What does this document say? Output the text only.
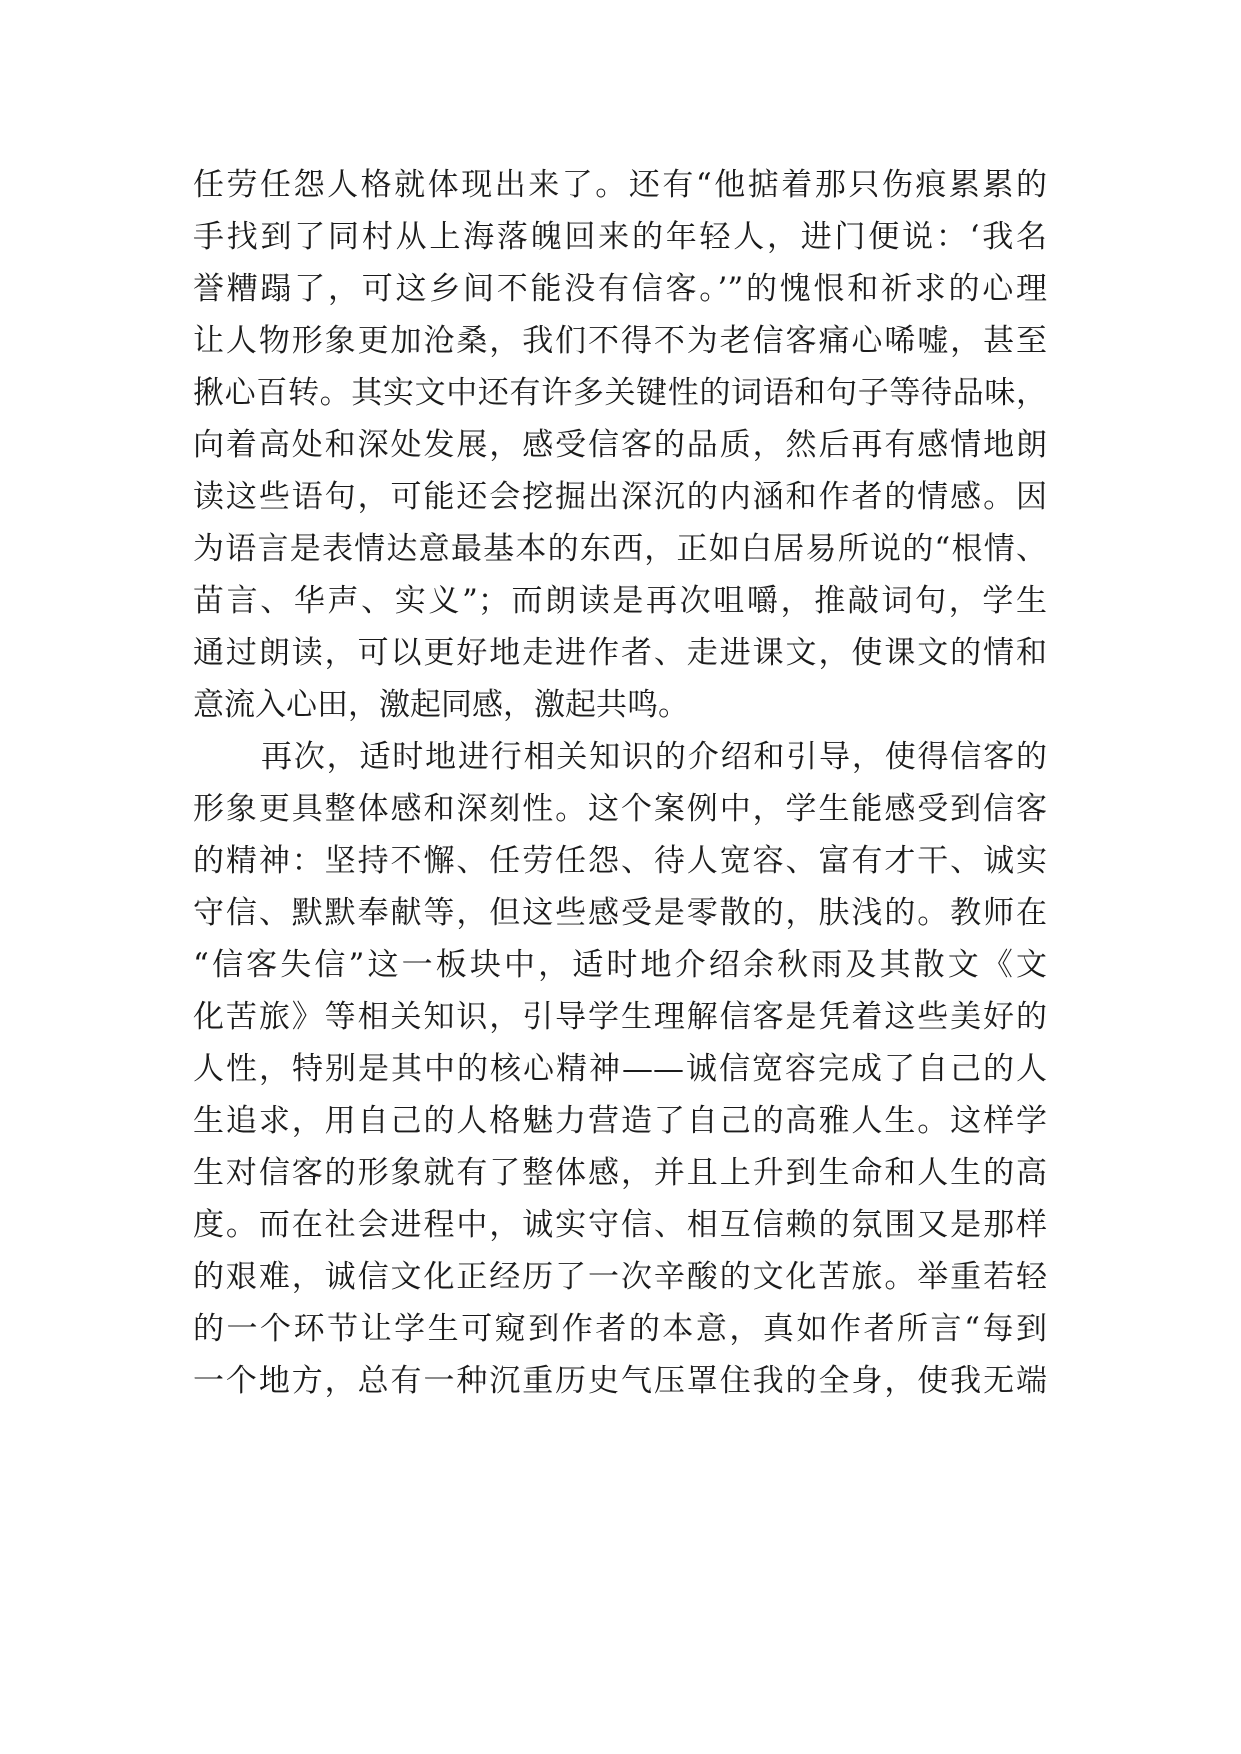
任劳任怨人格就体现出来了。还有“他掂着那只伤痕累累的
手找到了同村从上海落魄回来的年轻人，进门便说：‘我名
誉糟蹋了，可这乡间不能没有信客。’”的愧恨和祈求的心理
让人物形象更加沧桑，我们不得不为老信客痛心唏嘘，甚至
揪心百转。其实文中还有许多关键性的词语和句子等待品味，
向着高处和深处发展，感受信客的品质，然后再有感情地朗
读这些语句，可能还会挖掘出深沉的内涵和作者的情感。因
为语言是表情达意最基本的东西，正如白居易所说的“根情、
苗言、华声、实义”；而朗读是再次咀嚼，推敲词句，学生
通过朗读，可以更好地走进作者、走进课文，使课文的情和
意流入心田，激起同感，激起共鸣。
再次，适时地进行相关知识的介绍和引导，使得信客的
形象更具整体感和深刻性。这个案例中，学生能感受到信客
的精神：坚持不懈、任劳任怨、待人宽容、富有才干、诚实
守信、默默奉献等，但这些感受是零散的，肤浅的。教师在
“信客失信”这一板块中，适时地介绍余秋雨及其散文《文
化苦旅》等相关知识，引导学生理解信客是凭着这些美好的
人性，特别是其中的核心精神——诚信宽容完成了自己的人
生追求，用自己的人格魅力营造了自己的高雅人生。这样学
生对信客的形象就有了整体感，并且上升到生命和人生的高
度。而在社会进程中，诚实守信、相互信赖的氛围又是那样
的艰难，诚信文化正经历了一次辛酸的文化苦旅。举重若轻
的一个环节让学生可窥到作者的本意，真如作者所言“每到
一个地方，总有一种沉重历史气压罩住我的全身，使我无端
